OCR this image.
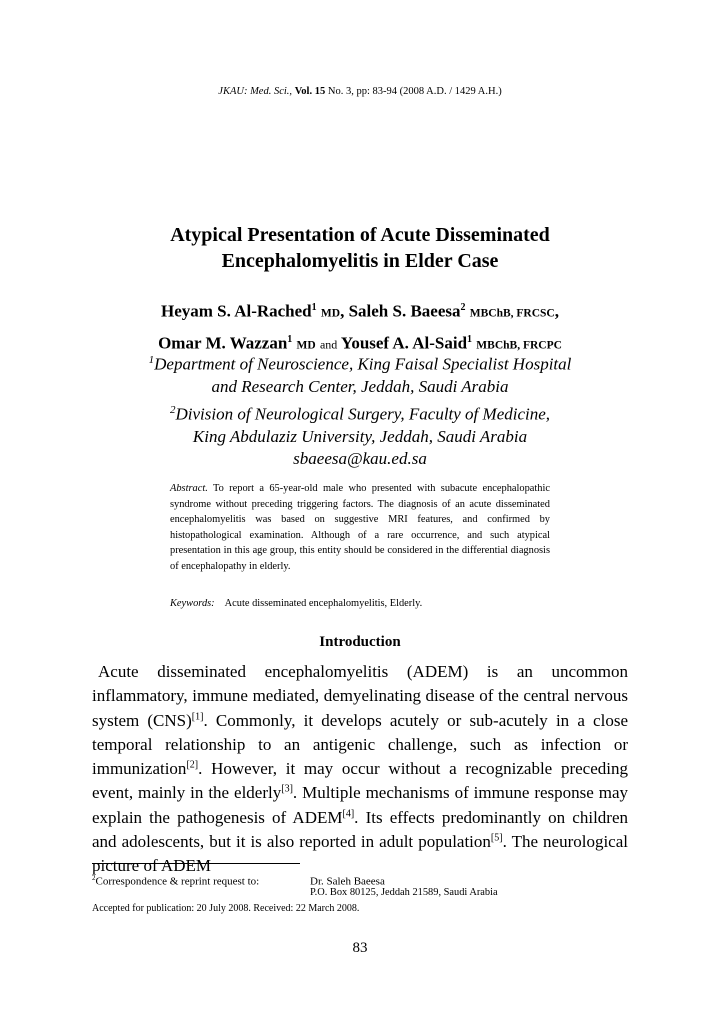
JKAU: Med. Sci., Vol. 15 No. 3, pp: 83-94 (2008 A.D. / 1429 A.H.)
Atypical Presentation of Acute Disseminated
Encephalomyelitis in Elder Case
Heyam S. Al-Rached$^1$ MD, Saleh S. Baeesa$^2$ MBChB, FRCSC,
Omar M. Wazzan$^1$ MD and Yousef A. Al-Said$^1$ MBChB, FRCPC
$^1$Department of Neuroscience, King Faisal Specialist Hospital
and Research Center, Jeddah, Saudi Arabia
$^2$Division of Neurological Surgery, Faculty of Medicine,
King Abdulaziz University, Jeddah, Saudi Arabia
sbaeesa@kau.ed.sa
Abstract. To report a 65-year-old male who presented with subacute encephalopathic syndrome without preceding triggering factors. The diagnosis of an acute disseminated encephalomyelitis was based on suggestive MRI features, and confirmed by histopathological examination. Although of a rare occurrence, and such atypical presentation in this age group, this entity should be considered in the differential diagnosis of encephalopathy in elderly.
Keywords: Acute disseminated encephalomyelitis, Elderly.
Introduction
Acute disseminated encephalomyelitis (ADEM) is an uncommon inflammatory, immune mediated, demyelinating disease of the central nervous system (CNS)[1]. Commonly, it develops acutely or sub-acutely in a close temporal relationship to an antigenic challenge, such as infection or immunization[2]. However, it may occur without a recognizable preceding event, mainly in the elderly[3]. Multiple mechanisms of immune response may explain the pathogenesis of ADEM[4]. Its effects predominantly on children and adolescents, but it is also reported in adult population[5]. The neurological picture of ADEM
$^2$Correspondence & reprint request to:	Dr. Saleh Baeesa
P.O. Box 80125, Jeddah 21589, Saudi Arabia
Accepted for publication: 20 July 2008. Received: 22 March 2008.
83
